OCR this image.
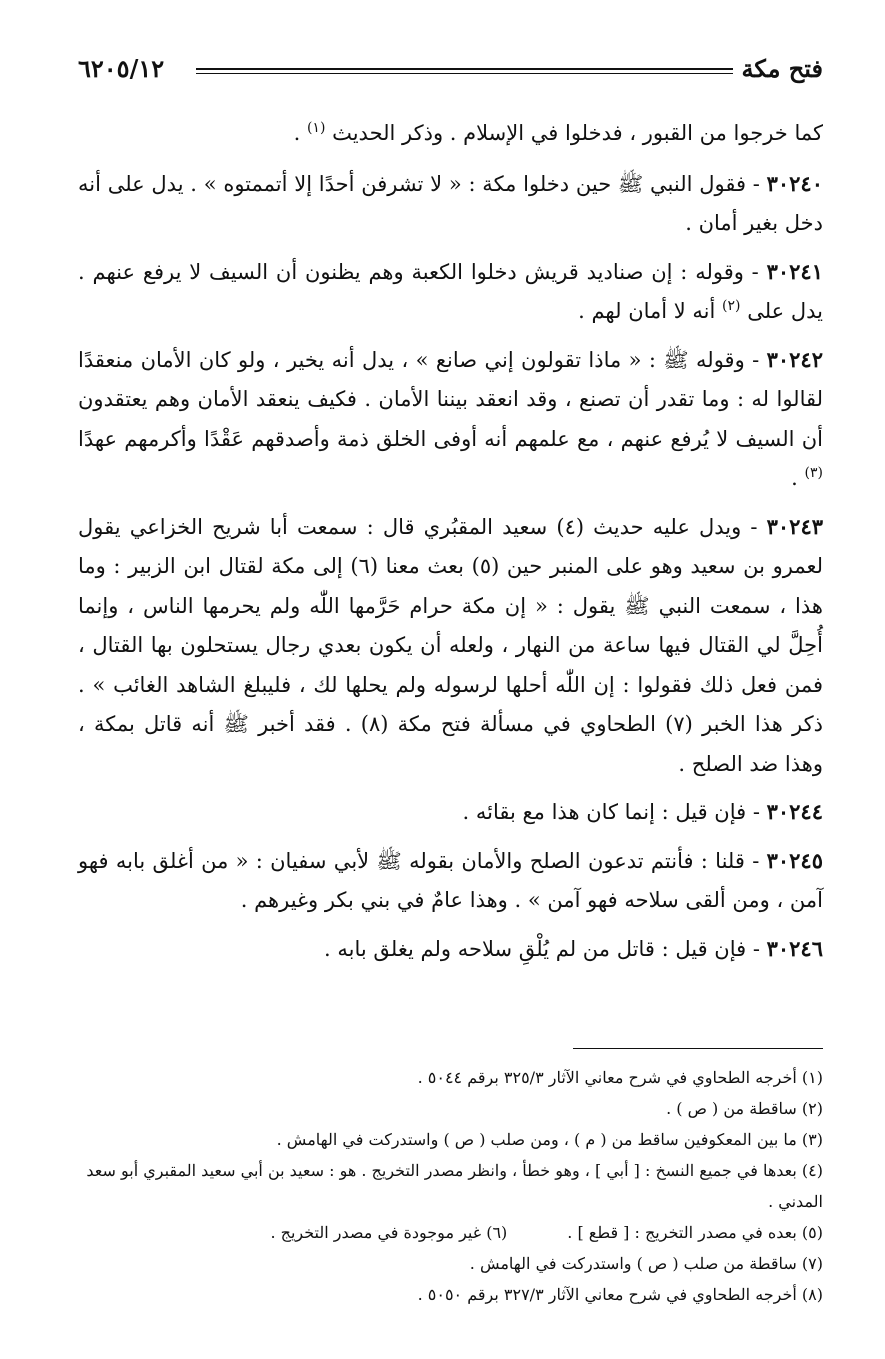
فتح مكة
٦٢٠٥/١٢

كما خرجوا من القبور ، فدخلوا في الإسلام . وذكر الحديث $^{(١)}$ .

٣٠٢٤٠ - فقول النبي ﷺ حين دخلوا مكة : « لا تشرفن أحدًا إلا أتممتوه » . يدل على أنه دخل بغير أمان .

٣٠٢٤١ - وقوله : إن صناديد قريش دخلوا الكعبة وهم يظنون أن السيف لا يرفع عنهم . يدل على $^{(٢)}$ أنه لا أمان لهم .

٣٠٢٤٢ - وقوله ﷺ : « ماذا تقولون إني صانع » ، يدل أنه يخير ، ولو كان الأمان منعقدًا لقالوا له : وما تقدر أن تصنع ، وقد انعقد بيننا الأمان . فكيف ينعقد الأمان وهم يعتقدون أن السيف لا يُرفع عنهم ، مع علمهم أنه أوفى الخلق ذمة وأصدقهم عَقْدًا وأكرمهم عهدًا $^{(٣)}$ .

٣٠٢٤٣ - ويدل عليه حديث (٤) سعيد المقبُري قال : سمعت أبا شريح الخزاعي يقول لعمرو بن سعيد وهو على المنبر حين (٥) بعث معنا (٦) إلى مكة لقتال ابن الزبير : وما هذا ، سمعت النبي ﷺ يقول : « إن مكة حرام حَرَّمها اللّٰه ولم يحرمها الناس ، وإنما أُحِلَّ لي القتال فيها ساعة من النهار ، ولعله أن يكون بعدي رجال يستحلون بها القتال ، فمن فعل ذلك فقولوا : إن اللّٰه أحلها لرسوله ولم يحلها لك ، فليبلغ الشاهد الغائب » . ذكر هذا الخبر (٧) الطحاوي في مسألة فتح مكة (٨) . فقد أخبر ﷺ أنه قاتل بمكة ، وهذا ضد الصلح .

٣٠٢٤٤ - فإن قيل : إنما كان هذا مع بقائه .

٣٠٢٤٥ - قلنا : فأنتم تدعون الصلح والأمان بقوله ﷺ لأبي سفيان : « من أغلق بابه فهو آمن ، ومن ألقى سلاحه فهو آمن » . وهذا عامٌ في بني بكر وغيرهم .

٣٠٢٤٦ - فإن قيل : قاتل من لم يُلْقِ سلاحه ولم يغلق بابه .

(١) أخرجه الطحاوي في شرح معاني الآثار ٣٢٥/٣ برقم ٥٠٤٤ .

(٢) ساقطة من ( ص ) .

(٣) ما بين المعكوفين ساقط من ( م ) ، ومن صلب ( ص ) واستدركت في الهامش .

(٤) بعدها في جميع النسخ : [ أبي ] ، وهو خطأ ، وانظر مصدر التخريج . هو : سعيد بن أبي سعيد المقبري أبو سعد المدني .

(٥) بعده في مصدر التخريج : [ قطع ] .

(٦) غير موجودة في مصدر التخريج .

(٧) ساقطة من صلب ( ص ) واستدركت في الهامش .

(٨) أخرجه الطحاوي في شرح معاني الآثار ٣٢٧/٣ برقم ٥٠٥٠ .
